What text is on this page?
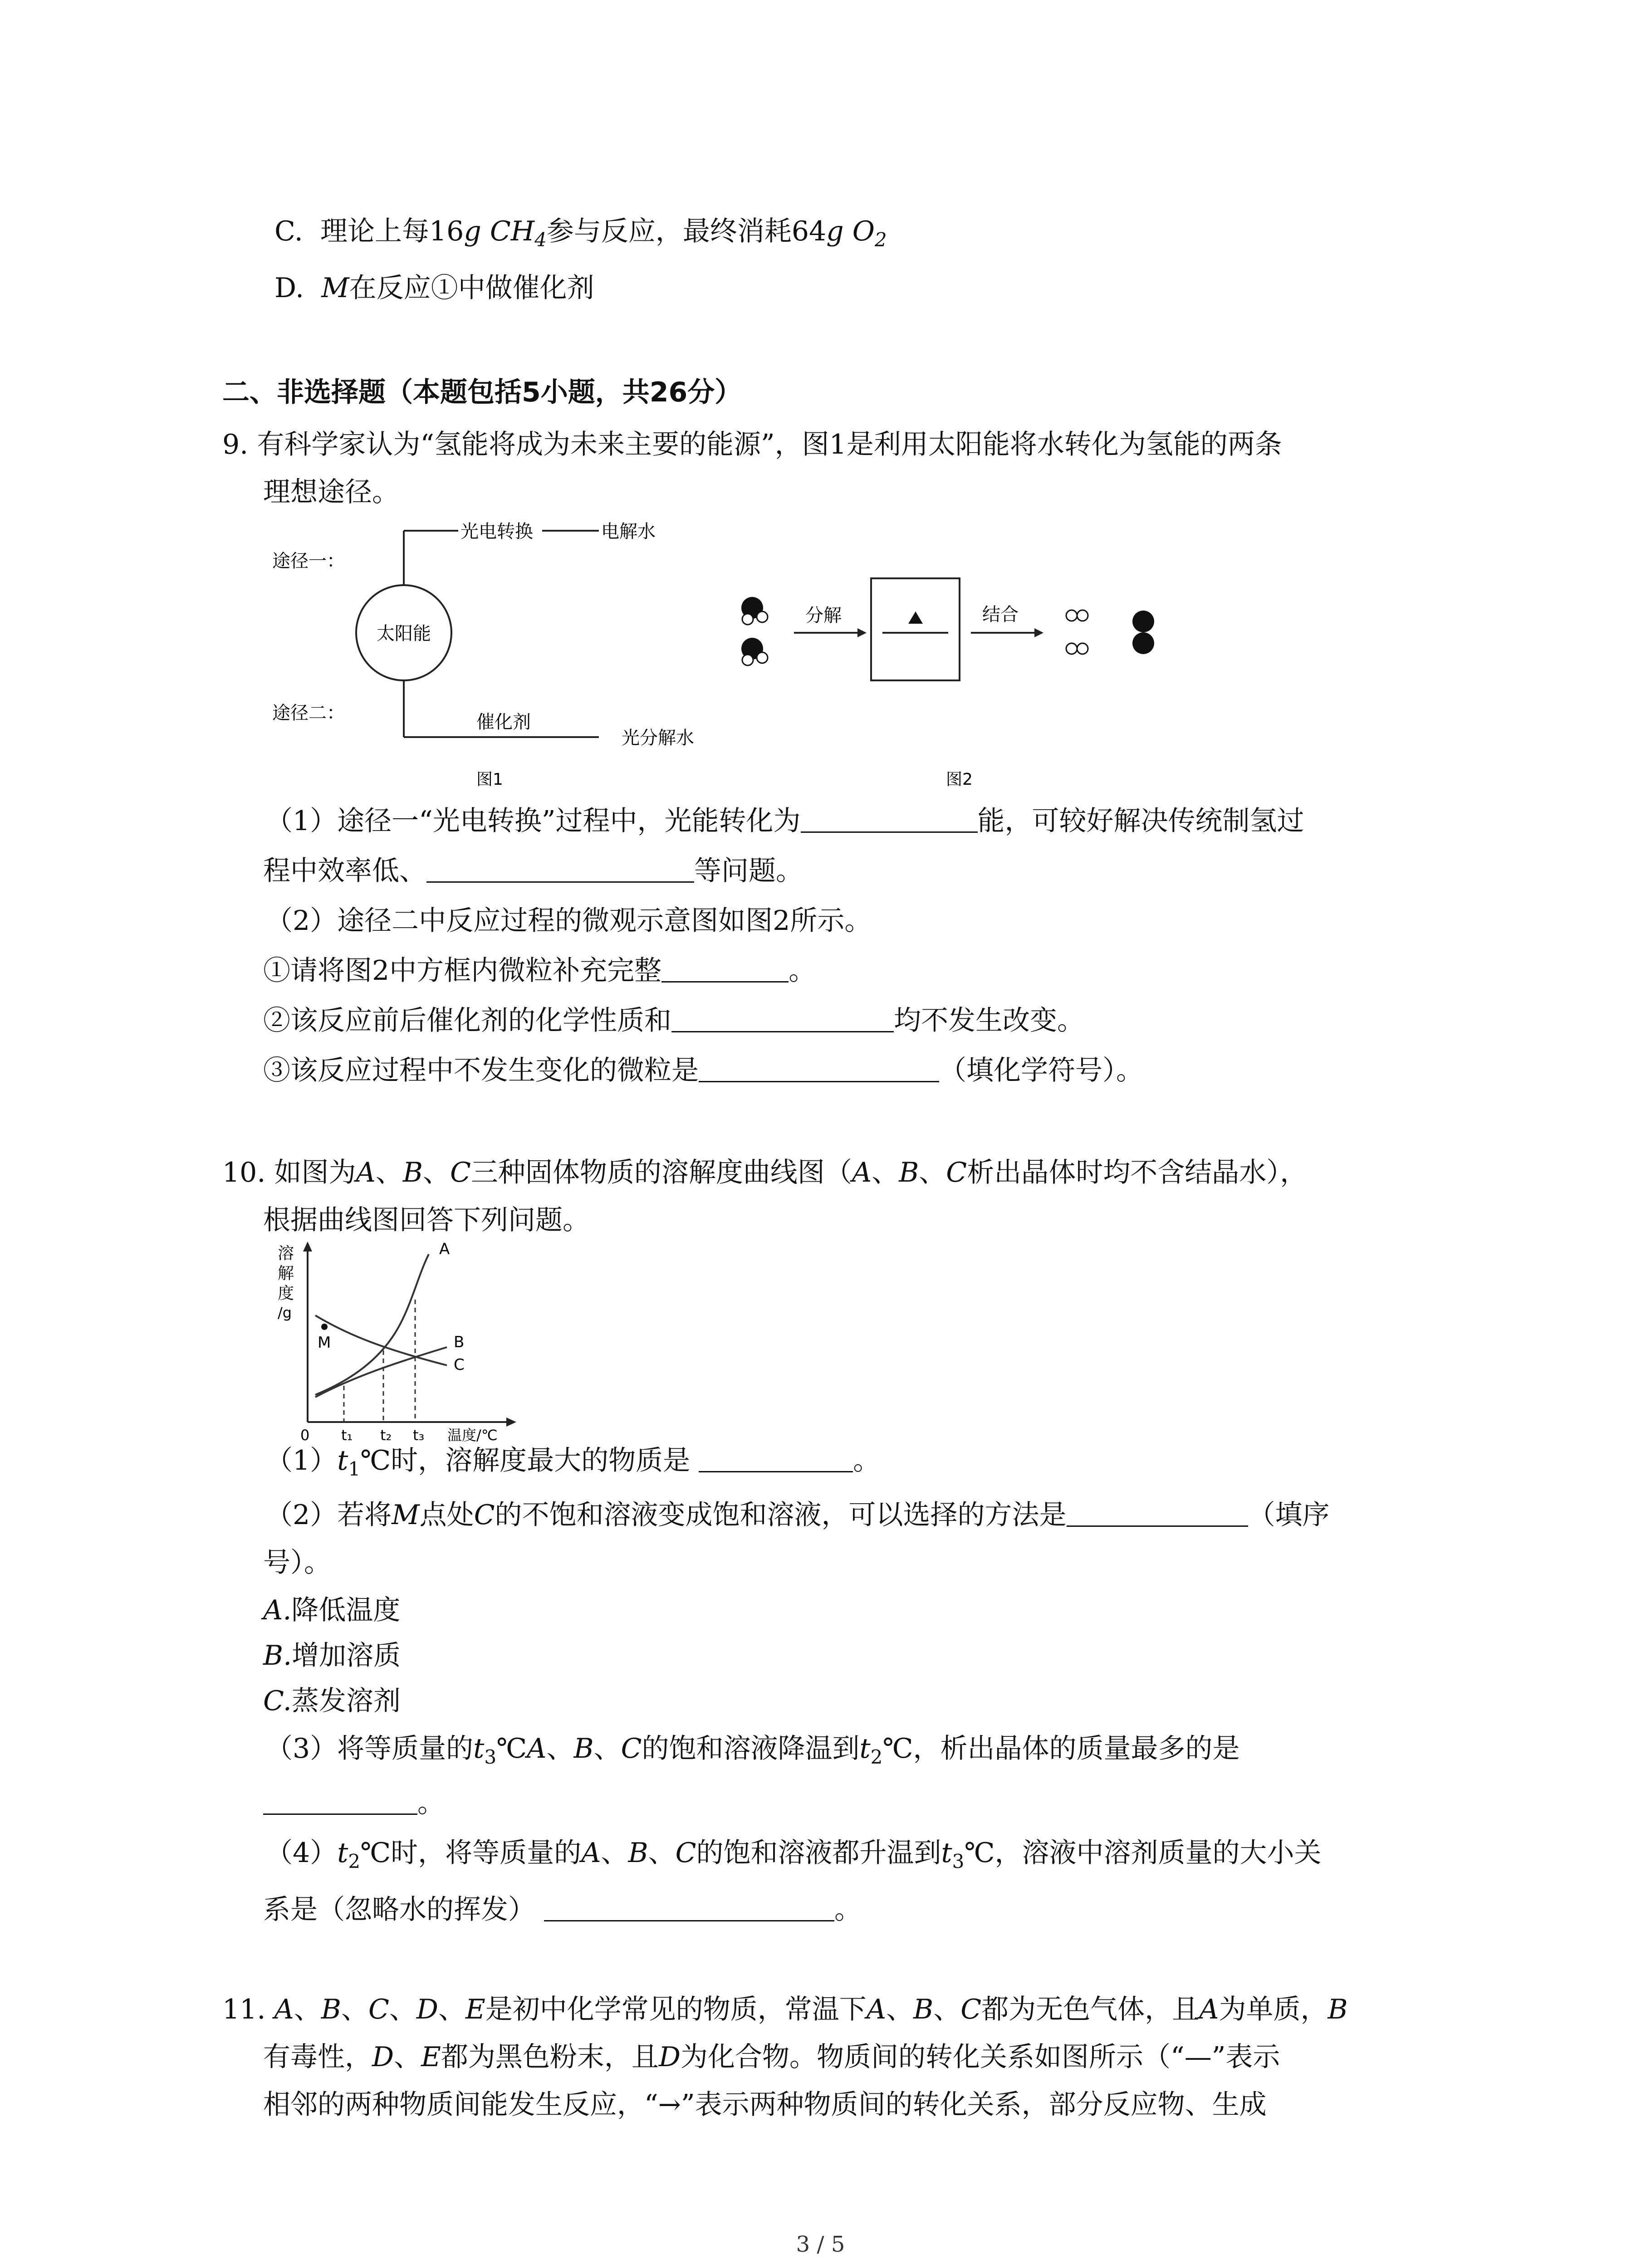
C. 理论上每16g $CH_4$参与反应，最终消耗64g $O_2$
D. M在反应①中做催化剂
二、非选择题（本题包括5小题，共26分）
9. 有科学家认为“氢能将成为未来主要的能源”，图1是利用太阳能将水转化为氢能的两条
理想途径。
途径一：
途径二：
太阳能
光电转换	电解水
催化剂
光分解水
图1
分解	结合
图2
（1）途径一“光电转换”过程中，光能转化为	能，可较好解决传统制氢过
程中效率低、	等问题。
（2）途径二中反应过程的微观示意图如图2所示。
①请将图2中方框内微粒补充完整	。
②该反应前后催化剂的化学性质和	均不发生改变。
③该反应过程中不发生变化的微粒是	（填化学符号）。
10. 如图为A、B、C三种固体物质的溶解度曲线图（A、B、C析出晶体时均不含结晶水），
根据曲线图回答下列问题。
溶
解
度
/g
0 t₁ t₂ t₃ 温度/℃
M
A
B
C
$(1)t_1℃$时，溶解度最大的物质是	。
（2）若将M点处C的不饱和溶液变成饱和溶液，可以选择的方法是	（填序
号）。
A.降低温度
B.增加溶质
C.蒸发溶剂
（3）将等质量的$t_3℃A$、B、C的饱和溶液降温到$t_2℃$，析出晶体的质量最多的是
。
$(4)t_2℃$时，将等质量的A、B、C的饱和溶液都升温到$t_3℃$，溶液中溶剂质量的大小关
系是（忽略水的挥发）	。
11. A、B、C、D、E是初中化学常见的物质，常温下A、B、C都为无色气体，且A为单质，B
有毒性，D、E都为黑色粉末，且D为化合物。物质间的转化关系如图所示（“—”表示
相邻的两种物质间能发生反应，“→”表示两种物质间的转化关系，部分反应物、生成
3 / 5
